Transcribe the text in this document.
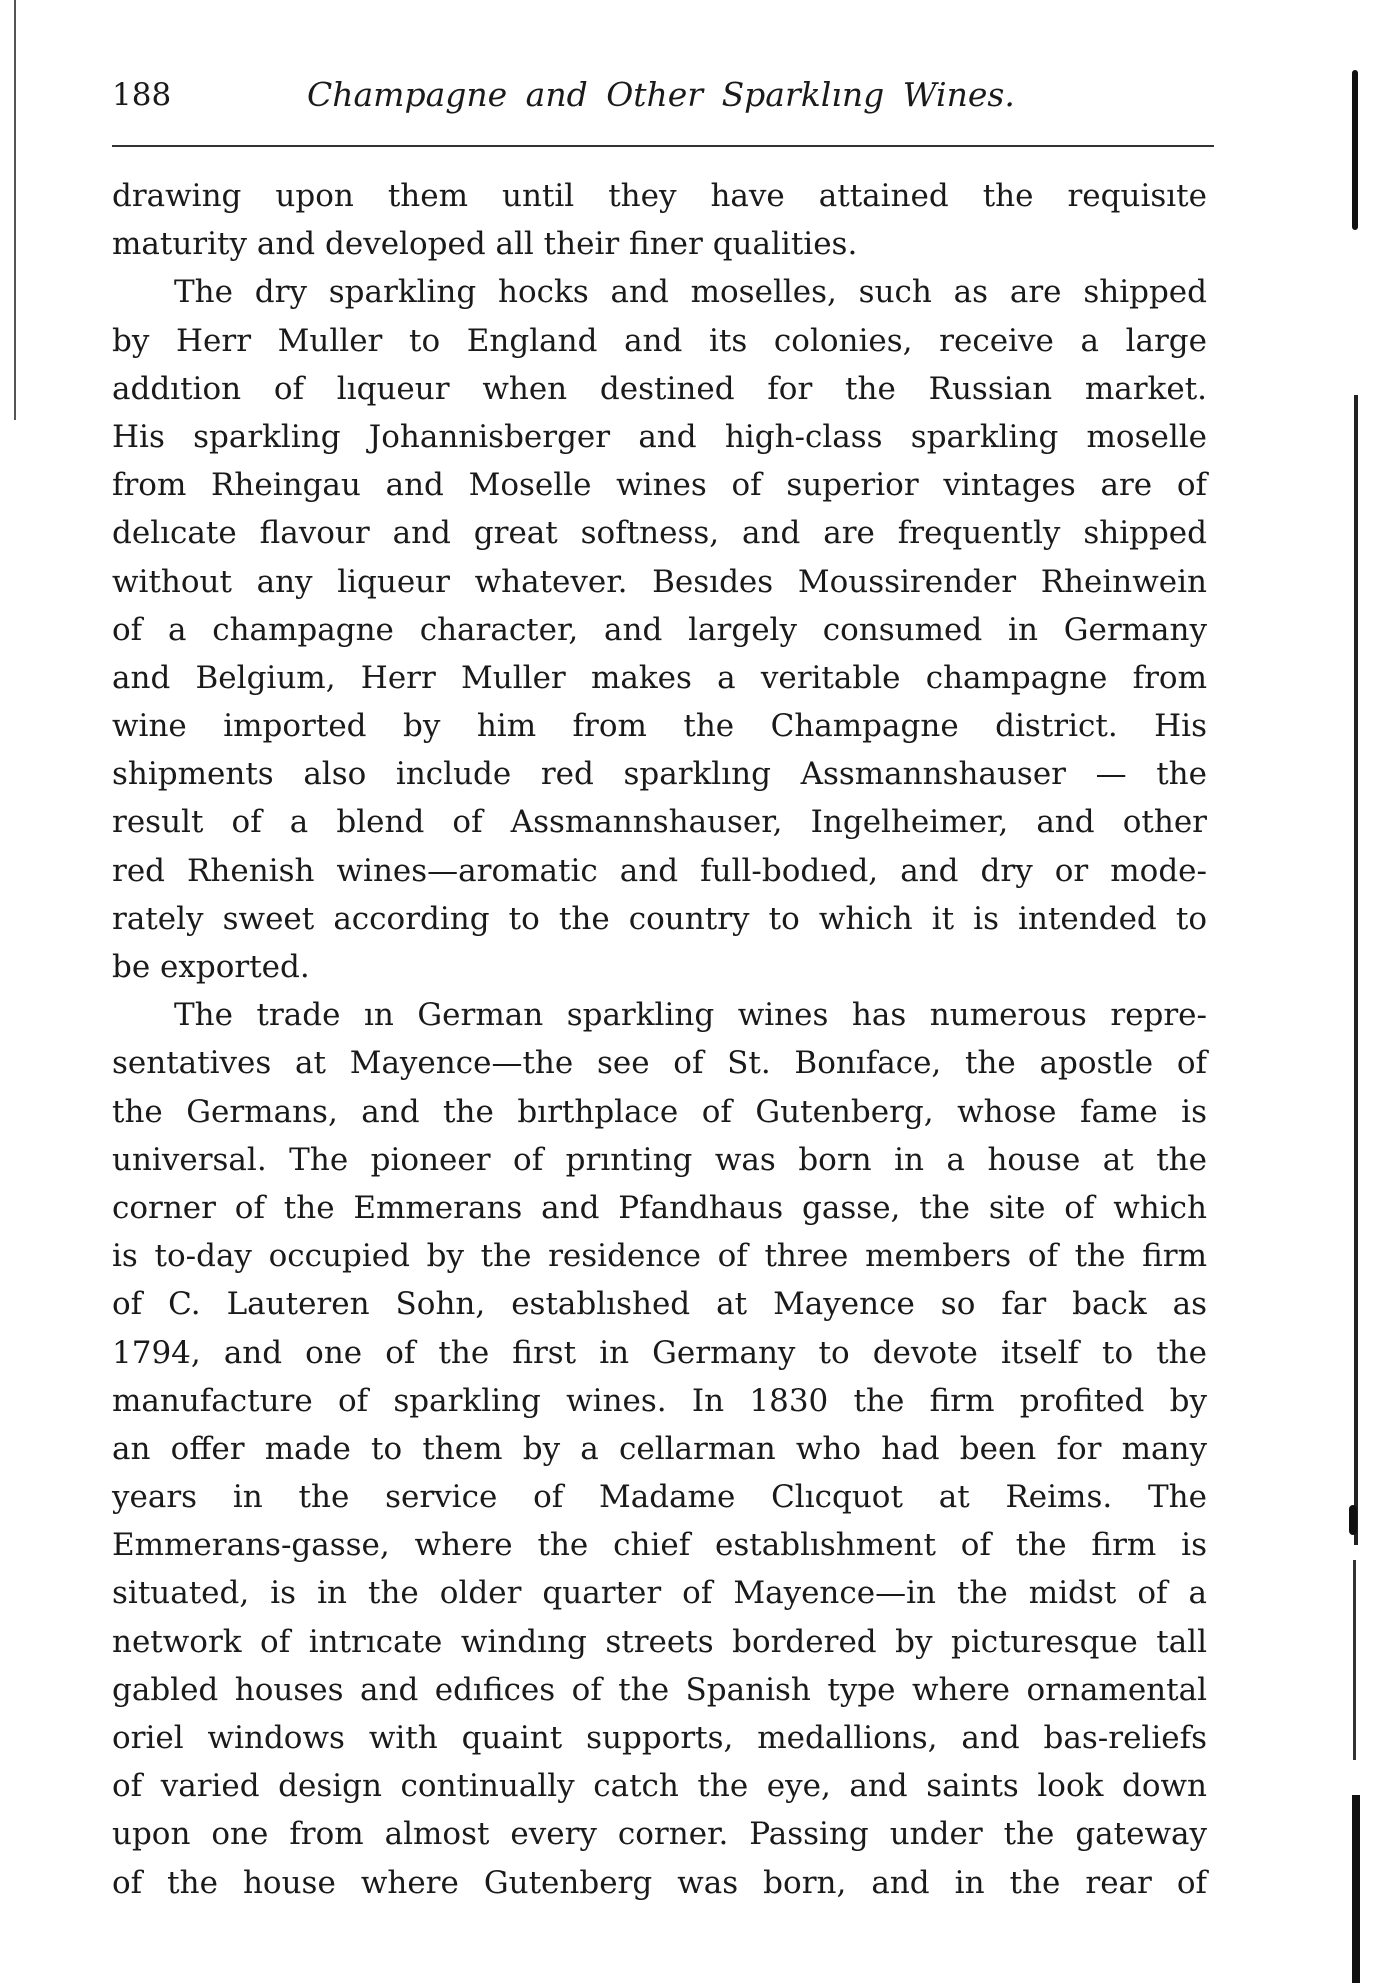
188	Champagne and Other Sparklıng Wines.
drawing upon them until they have attained the requisıte
maturity and developed all their finer qualities.
The dry sparkling hocks and moselles, such as are shipped
by Herr Muller to England and its colonies, receive a large
addıtion of lıqueur when destined for the Russian market.
His sparkling Johannisberger and high-class sparkling moselle
from Rheingau and Moselle wines of superior vintages are of
delıcate flavour and great softness, and are frequently shipped
without any liqueur whatever. Besıdes Moussirender Rheinwein
of a champagne character, and largely consumed in Germany
and Belgium, Herr Muller makes a veritable champagne from
wine imported by him from the Champagne district. His
shipments also include red sparklıng Assmannshauser — the
result of a blend of Assmannshauser, Ingelheimer, and other
red Rhenish wines—aromatic and full-bodıed, and dry or mode-
rately sweet according to the country to which it is intended to
be exported.
The trade ın German sparkling wines has numerous repre-
sentatives at Mayence—the see of St. Bonıface, the apostle of
the Germans, and the bırthplace of Gutenberg, whose fame is
universal. The pioneer of prınting was born in a house at the
corner of the Emmerans and Pfandhaus gasse, the site of which
is to-day occupied by the residence of three members of the firm
of C. Lauteren Sohn, establıshed at Mayence so far back as
1794, and one of the first in Germany to devote itself to the
manufacture of sparkling wines. In 1830 the firm profited by
an offer made to them by a cellarman who had been for many
years in the service of Madame Clıcquot at Reims. The
Emmerans-gasse, where the chief establıshment of the firm is
situated, is in the older quarter of Mayence—in the midst of a
network of intrıcate windıng streets bordered by picturesque tall
gabled houses and edıfices of the Spanish type where ornamental
oriel windows with quaint supports, medallions, and bas-reliefs
of varied design continually catch the eye, and saints look down
upon one from almost every corner. Passing under the gateway
of the house where Gutenberg was born, and in the rear of
